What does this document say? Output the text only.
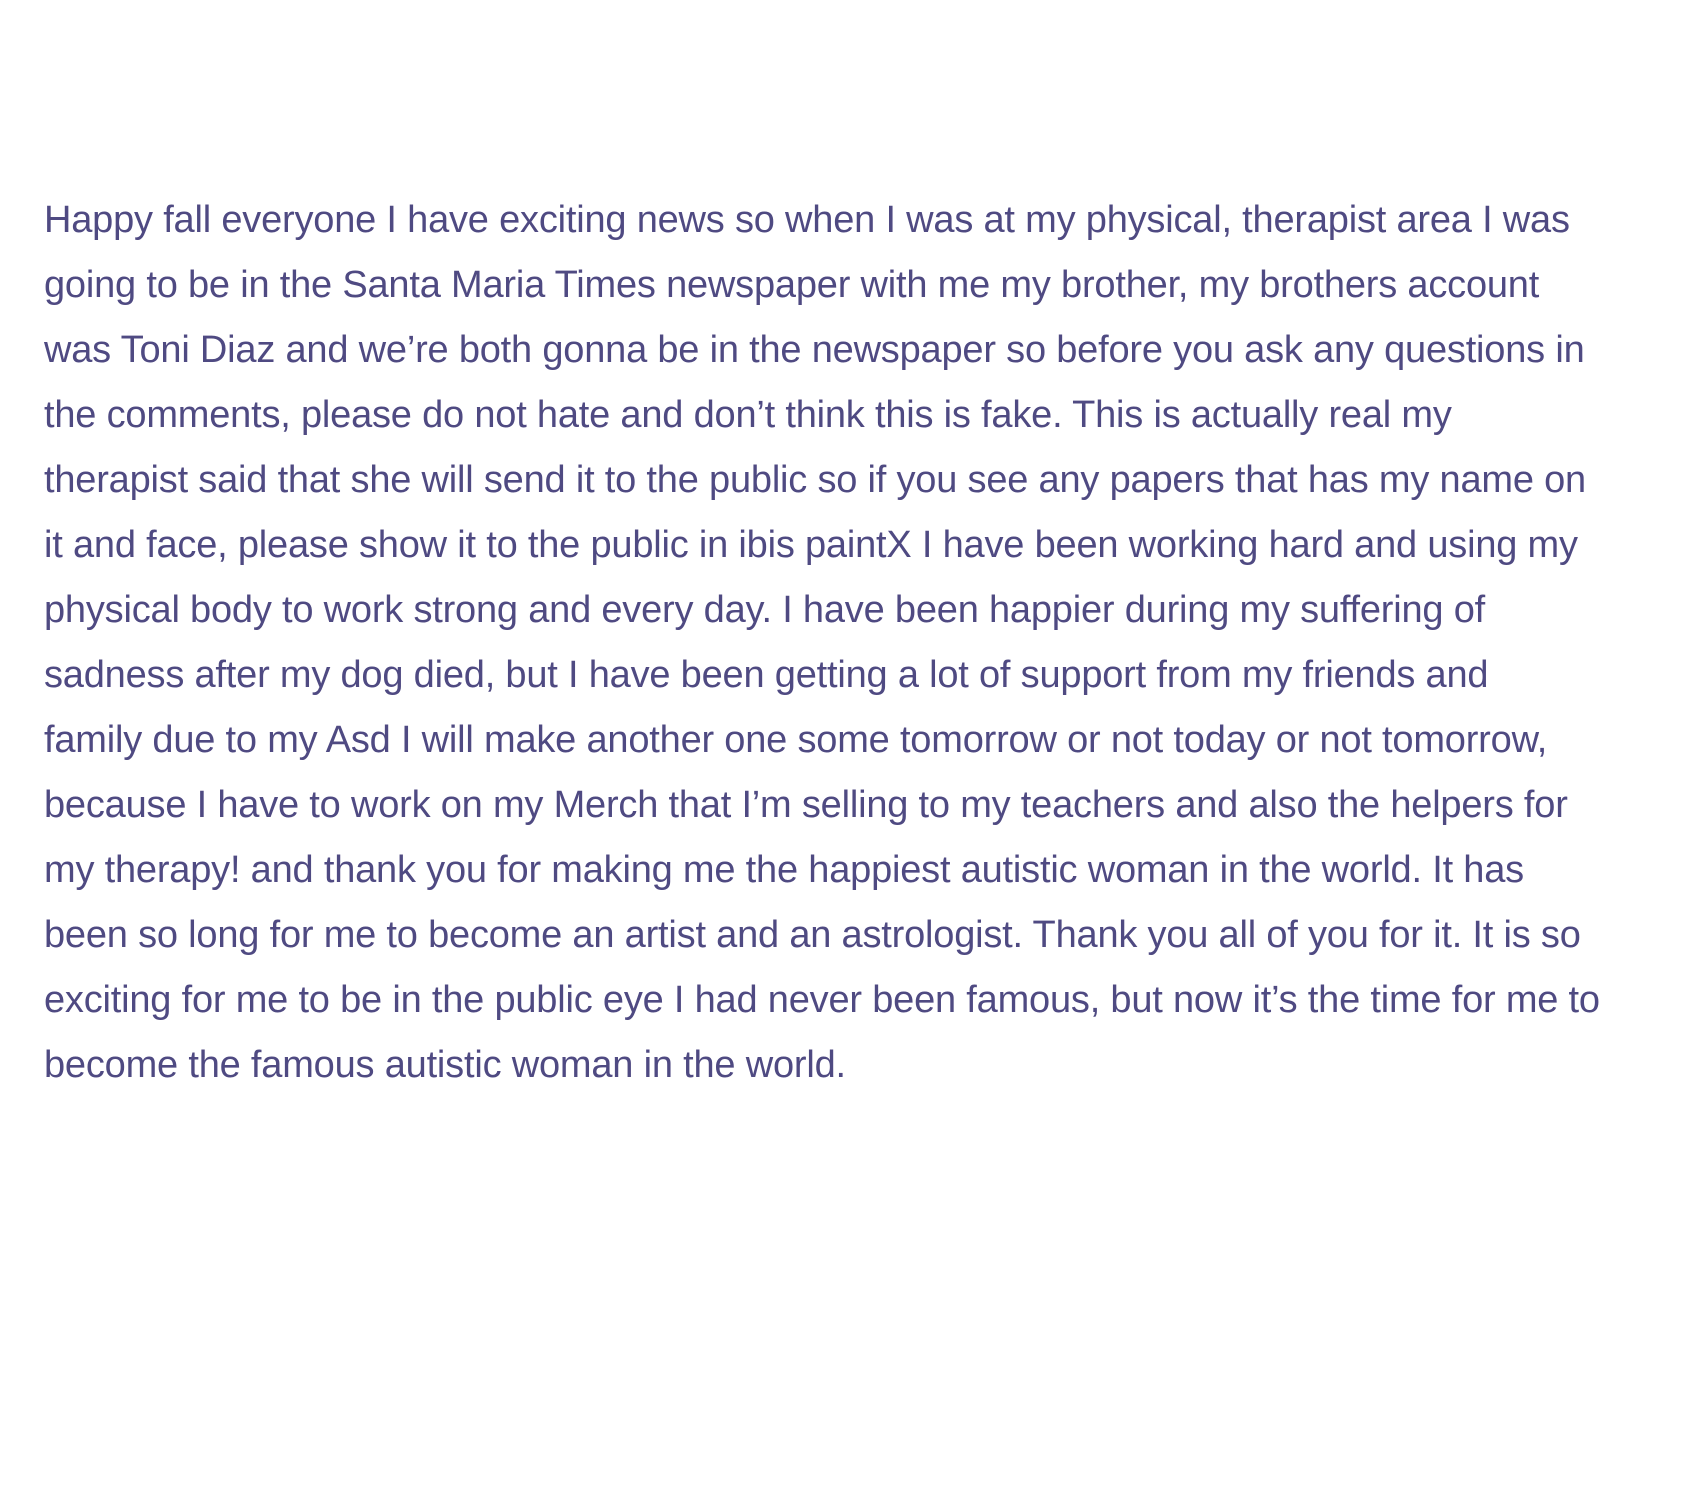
Happy fall everyone I have exciting news so when I was at my physical, therapist area I was
going to be in the Santa Maria Times newspaper with me my brother, my brothers account
was Toni Diaz and we’re both gonna be in the newspaper so before you ask any questions in
the comments, please do not hate and don’t think this is fake. This is actually real my
therapist said that she will send it to the public so if you see any papers that has my name on
it and face, please show it to the public in ibis paintX I have been working hard and using my
physical body to work strong and every day. I have been happier during my suffering of
sadness after my dog died, but I have been getting a lot of support from my friends and
family due to my Asd I will make another one some tomorrow or not today or not tomorrow,
because I have to work on my Merch that I’m selling to my teachers and also the helpers for
my therapy! and thank you for making me the happiest autistic woman in the world. It has
been so long for me to become an artist and an astrologist. Thank you all of you for it. It is so
exciting for me to be in the public eye I had never been famous, but now it’s the time for me to
become the famous autistic woman in the world.
